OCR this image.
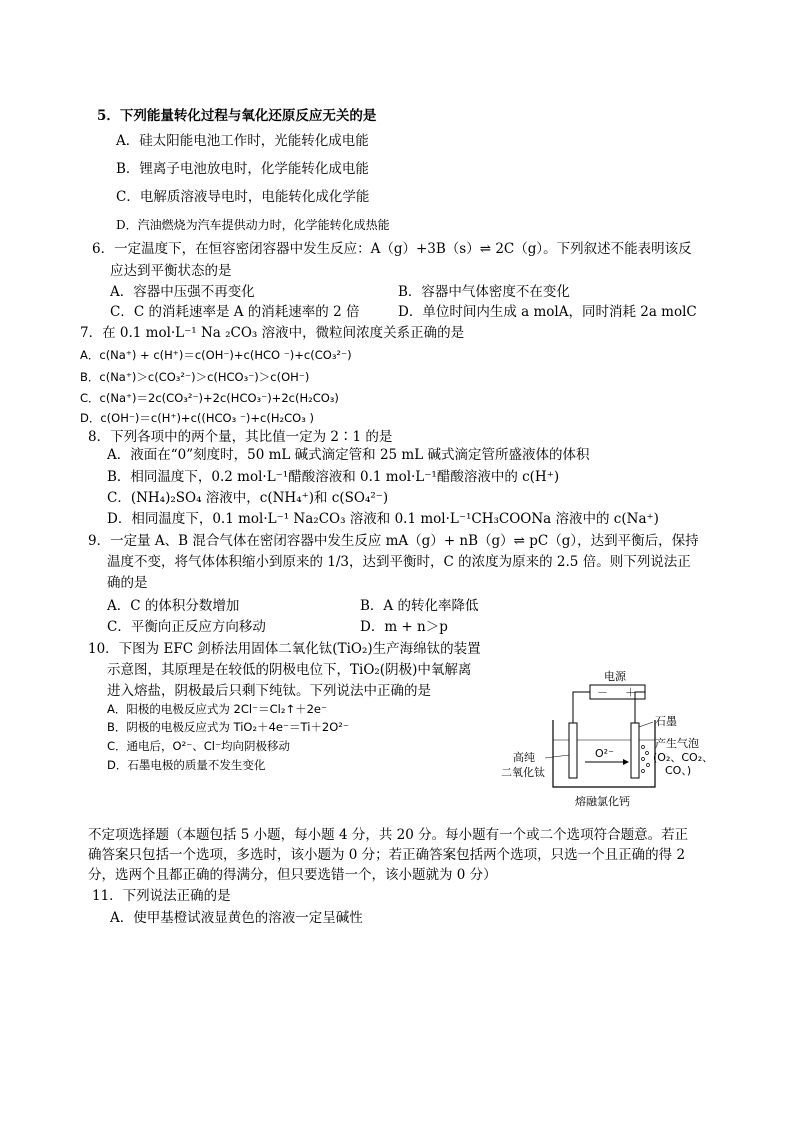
5．下列能量转化过程与氧化还原反应无关的是
A．硅太阳能电池工作时，光能转化成电能
B．锂离子电池放电时，化学能转化成电能
C．电解质溶液导电时，电能转化成化学能
D．汽油燃烧为汽车提供动力时，化学能转化成热能
6．一定温度下，在恒容密闭容器中发生反应：A（g）+3B（s）⇌ 2C（g）。下列叙述不能表明该反
应达到平衡状态的是
A．容器中压强不再变化	B．容器中气体密度不在变化
C．C 的消耗速率是 A 的消耗速率的 2 倍	D．单位时间内生成 a molA，同时消耗 2a molC
7．在 0.1 mol·L⁻¹ Na ₂CO₃ 溶液中，微粒间浓度关系正确的是
A．c(Na⁺) + c(H⁺)＝c(OH⁻)+c(HCO ⁻)+c(CO₃²⁻)
B．c(Na⁺)＞c(CO₃²⁻)＞c(HCO₃⁻)＞c(OH⁻)
C．c(Na⁺)＝2c(CO₃²⁻)+2c(HCO₃⁻)+2c(H₂CO₃)
D．c(OH⁻)＝c(H⁺)+c((HCO₃ ⁻)+c(H₂CO₃ )
8．下列各项中的两个量，其比值一定为 2∶1 的是
A．液面在“0”刻度时，50 mL 碱式滴定管和 25 mL 碱式滴定管所盛液体的体积
B．相同温度下，0.2 mol·L⁻¹醋酸溶液和 0.1 mol·L⁻¹醋酸溶液中的 c(H⁺)
C．(NH₄)₂SO₄ 溶液中，c(NH₄⁺)和 c(SO₄²⁻)
D．相同温度下，0.1 mol·L⁻¹ Na₂CO₃ 溶液和 0.1 mol·L⁻¹CH₃COONa 溶液中的 c(Na⁺)
9．一定量 A、B 混合气体在密闭容器中发生反应 mA（g）+ nB（g）⇌ pC（g），达到平衡后，保持
温度不变，将气体体积缩小到原来的 1/3，达到平衡时，C 的浓度为原来的 2.5 倍。则下列说法正
确的是
A．C 的体积分数增加	B．A 的转化率降低
C．平衡向正反应方向移动	D．m + n＞p
10．下图为 EFC 剑桥法用固体二氧化钛(TiO₂)生产海绵钛的装置
示意图，其原理是在较低的阴极电位下，TiO₂(阴极)中氧解离
进入熔盐，阴极最后只剩下纯钛。下列说法中正确的是
A．阳极的电极反应式为 2Cl⁻＝Cl₂↑＋2e⁻
B．阴极的电极反应式为 TiO₂＋4e⁻＝Ti＋2O²⁻
C．通电后，O²⁻、Cl⁻均向阴极移动
D．石墨电极的质量不发生变化
电源
－ ＋
O²⁻
石墨
产生气泡
(O₂、CO₂、
CO、)
高纯
二氧化钛
熔融氯化钙
不定项选择题（本题包括 5 小题，每小题 4 分，共 20 分。每小题有一个或二个选项符合题意。若正
确答案只包括一个选项，多选时，该小题为 0 分；若正确答案包括两个选项，只选一个且正确的得 2
分，选两个且都正确的得满分，但只要选错一个，该小题就为 0 分）
11．下列说法正确的是
A．使甲基橙试液显黄色的溶液一定呈碱性
